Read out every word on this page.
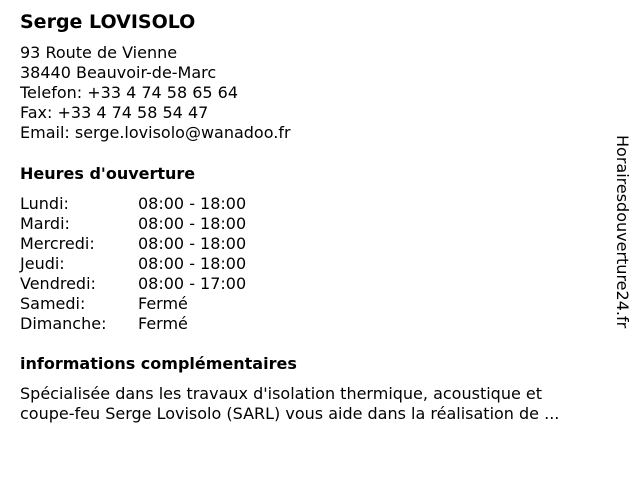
Serge LOVISOLO
93 Route de Vienne
38440 Beauvoir-de-Marc
Telefon: +33 4 74 58 65 64
Fax: +33 4 74 58 54 47
Email: serge.lovisolo@wanadoo.fr
Heures d'ouverture
Lundi:	08:00 - 18:00
Mardi:	08:00 - 18:00
Mercredi:	08:00 - 18:00
Jeudi:	08:00 - 18:00
Vendredi:	08:00 - 17:00
Samedi:	Fermé
Dimanche:	Fermé
informations complémentaires
Spécialisée dans les travaux d'isolation thermique, acoustique et
coupe-feu Serge Lovisolo (SARL) vous aide dans la réalisation de ...
Horairesdouverture24.fr
